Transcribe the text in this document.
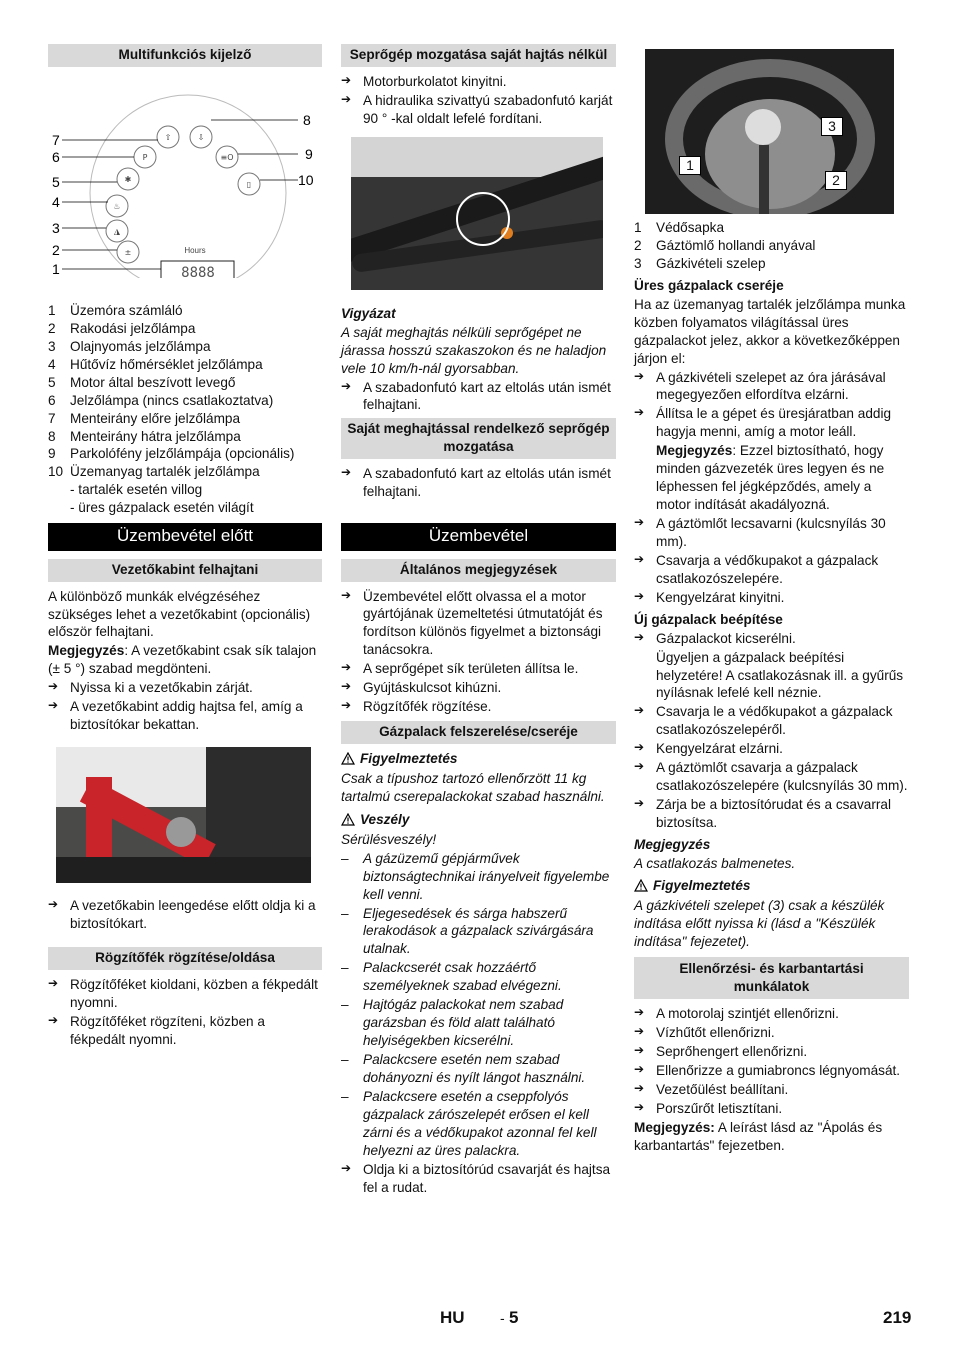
Multifunkciós kijelző
⇧	⇩
P	≡O
✱
▯
♨
◮
±	Hours
8888
7
6
5
4
3
2
1
8
9
10
1	Üzemóra számláló
2	Rakodási jelzőlámpa
3	Olajnyomás jelzőlámpa
4	Hűtővíz hőmérséklet jelzőlámpa
5	Motor által beszívott levegő
6	Jelzőlámpa (nincs csatlakoztatva)
7	Menteirány előre jelzőlámpa
8	Menteirány hátra jelzőlámpa
9	Parkolófény jelzőlámpája (opcionális)
10 Üzemanyag tartalék jelzőlámpa
- tartalék esetén villog
- üres gázpalack esetén világít
Üzembevétel előtt
Vezetőkabint felhajtani

A különböző munkák elvégzéséhez szükséges lehet a vezetőkabint (opcionális) először felhajtani.

Megjegyzés: A vezetőkabint csak sík talajon (± 5 °) szabad megdönteni.

➔ Nyissa ki a vezetőkabin zárját.
➔ A vezetőkabint addig hajtsa fel, amíg a biztosítókar bekattan.
➔ A vezetőkabin leengedése előtt oldja ki a biztosítókart.
Rögzítőfék rögzítése/oldása
➔ Rögzítőféket kioldani, közben a fékpedált nyomni.
➔ Rögzítőféket rögzíteni, közben a fékpedált nyomni.
Seprőgép mozgatása saját hajtás nélkül
➔ Motorburkolatot kinyitni.
➔ A hidraulika szivattyú szabadonfutó karját 90 ° -kal oldalt lefelé fordítani.

Vigyázat

A saját meghajtás nélküli seprőgépet ne járassa hosszú szakaszokon és ne haladjon vele 10 km/h-nál gyorsabban.

➔ A szabadonfutó kart az eltolás után ismét felhajtani.
Saját meghajtással rendelkező seprőgép mozgatása
➔ A szabadonfutó kart az eltolás után ismét felhajtani.
Üzembevétel
Általános megjegyzések
➔ Üzembevétel előtt olvassa el a motor gyártójának üzemeltetési útmutatóját és fordítson különös figyelmet a biztonsági tanácsokra.
➔ A seprőgépet sík területen állítsa le.
➔ Gyújtáskulcsot kihúzni.
➔ Rögzítőfék rögzítése.
Gázpalack felszerelése/cseréje
Figyelmeztetés

Csak a típushoz tartozó ellenőrzött 11 kg tartalmú cserepalackokat szabad használni.

Veszély

Sérülésveszély!

– A gázüzemű gépjárművek biztonságtechnikai irányelveit figyelembe kell venni.
– Eljegesedések és sárga habszerű lerakodások a gázpalack szivárgására utalnak.
– Palackcserét csak hozzáértő személyeknek szabad elvégezni.
– Hajtógáz palackokat nem szabad garázsban és föld alatt található helyiségekben kicserélni.
– Palackcsere esetén nem szabad dohányozni és nyílt lángot használni.
– Palackcsere esetén a cseppfolyós gázpalack zárószelepét erősen el kell zárni és a védőkupakot azonnal fel kell helyezni az üres palackra.
➔ Oldja ki a biztosítórúd csavarját és hajtsa fel a rudat.
3
1
2
1	Védősapka
2	Gáztömlő hollandi anyával
3	Gázkivételi szelep

Üres gázpalack cseréje

Ha az üzemanyag tartalék jelzőlámpa munka közben folyamatos világítással üres gázpalackot jelez, akkor a következőképpen járjon el:

➔ A gázkivételi szelepet az óra járásával megegyezően elfordítva elzárni.
➔ Állítsa le a gépet és üresjáratban addig hagyja menni, amíg a motor leáll.

Megjegyzés: Ezzel biztosítható, hogy minden gázvezeték üres legyen és ne léphessen fel jégképződés, amely a motor indítását akadályozná.

➔ A gáztömlőt lecsavarni (kulcsnyílás 30 mm).
➔ Csavarja a védőkupakot a gázpalack csatlakozószelepére.
➔ Kengyelzárat kinyitni.

Új gázpalack beépítése

➔ Gázpalackot kicserélni.

Ügyeljen a gázpalack beépítési helyzetére! A csatlakozásnak ill. a gyűrűs nyílásnak lefelé kell néznie.

➔ Csavarja le a védőkupakot a gázpalack csatlakozószelepéről.
➔ Kengyelzárat elzárni.
➔ A gáztömlőt csavarja a gázpalack csatlakozószelepére (kulcsnyílás 30 mm).
➔ Zárja be a biztosítórudat és a csavarral biztosítsa.

Megjegyzés

A csatlakozás balmenetes.

Figyelmeztetés

A gázkivételi szelepet (3) csak a készülék indítása előtt nyissa ki (lásd a "Készülék indítása" fejezetet).

Ellenőrzési- és karbantartási munkálatok
➔ A motorolaj szintjét ellenőrizni.
➔ Vízhűtőt ellenőrizni.
➔ Seprőhengert ellenőrizni.
➔ Ellenőrizze a gumiabroncs légnyomását.
➔ Vezetőülést beállítani.
➔ Porszűrőt letisztítani.

Megjegyzés: A leírást lásd az "Ápolás és karbantartás" fejezetben.

HU	- 5	219
